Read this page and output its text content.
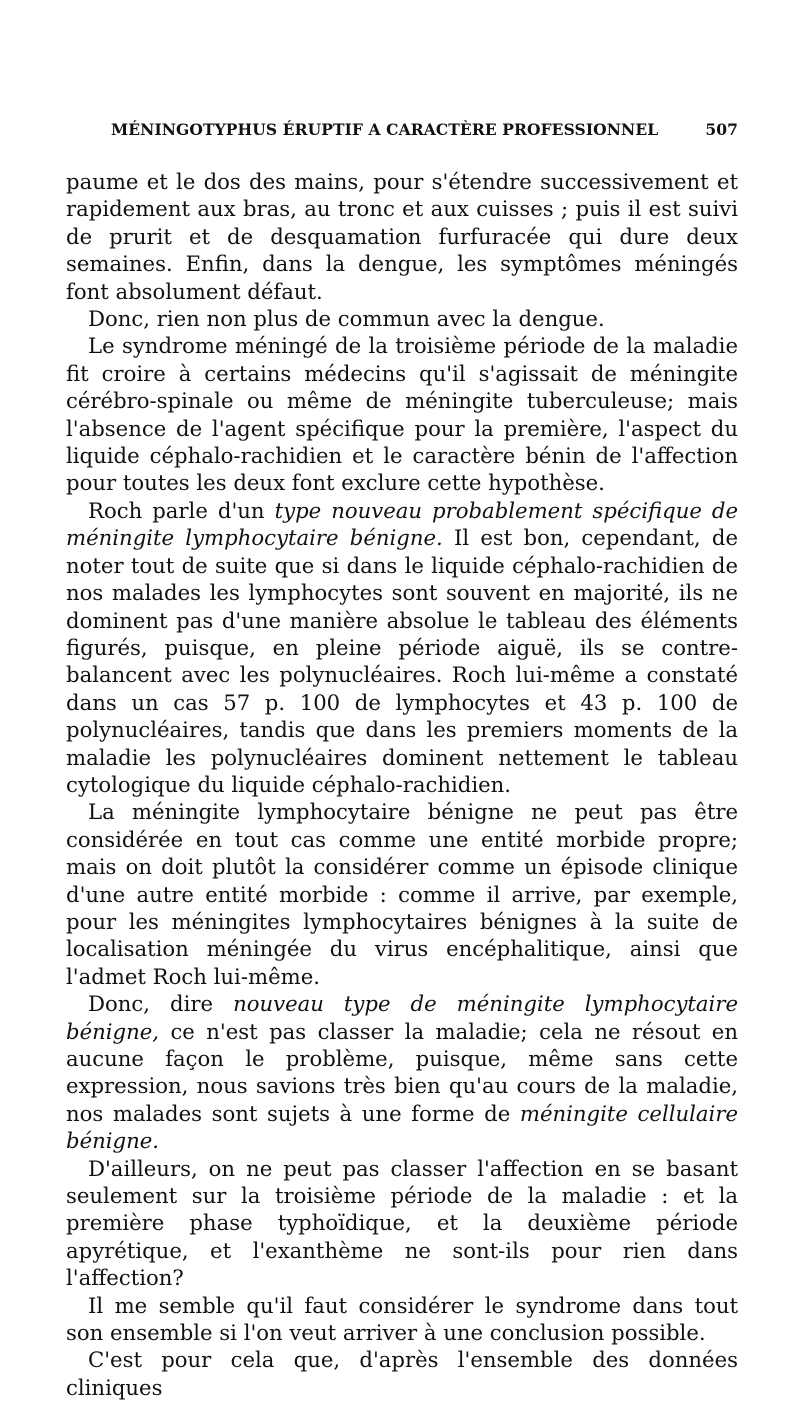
MÉNINGOTYPHUS ÉRUPTIF A CARACTÈRE PROFESSIONNEL	507

paume et le dos des mains, pour s'étendre successivement et rapidement aux bras, au tronc et aux cuisses ; puis il est suivi de prurit et de desquamation furfuracée qui dure deux semaines. Enfin, dans la dengue, les symptômes méningés font absolument défaut.

Donc, rien non plus de commun avec la dengue.

Le syndrome méningé de la troisième période de la maladie fit croire à certains médecins qu'il s'agissait de méningite cérébro-spinale ou même de méningite tuberculeuse; mais l'absence de l'agent spécifique pour la première, l'aspect du liquide céphalo-rachidien et le caractère bénin de l'affection pour toutes les deux font exclure cette hypothèse.

Roch parle d'un type nouveau probablement spécifique de méningite lymphocytaire bénigne. Il est bon, cependant, de noter tout de suite que si dans le liquide céphalo-rachidien de nos malades les lymphocytes sont souvent en majorité, ils ne dominent pas d'une manière absolue le tableau des éléments figurés, puisque, en pleine période aiguë, ils se contre-balancent avec les polynucléaires. Roch lui-même a constaté dans un cas 57 p. 100 de lymphocytes et 43 p. 100 de polynucléaires, tandis que dans les premiers moments de la maladie les polynucléaires dominent nettement le tableau cytologique du liquide céphalo-rachidien.

La méningite lymphocytaire bénigne ne peut pas être considérée en tout cas comme une entité morbide propre; mais on doit plutôt la considérer comme un épisode clinique d'une autre entité morbide : comme il arrive, par exemple, pour les méningites lymphocytaires bénignes à la suite de localisation méningée du virus encéphalitique, ainsi que l'admet Roch lui-même.

Donc, dire nouveau type de méningite lymphocytaire bénigne, ce n'est pas classer la maladie; cela ne résout en aucune façon le problème, puisque, même sans cette expression, nous savions très bien qu'au cours de la maladie, nos malades sont sujets à une forme de méningite cellulaire bénigne.

D'ailleurs, on ne peut pas classer l'affection en se basant seulement sur la troisième période de la maladie : et la première phase typhoïdique, et la deuxième période apyrétique, et l'exanthème ne sont-ils pour rien dans l'affection?

Il me semble qu'il faut considérer le syndrome dans tout son ensemble si l'on veut arriver à une conclusion possible.

C'est pour cela que, d'après l'ensemble des données cliniques
